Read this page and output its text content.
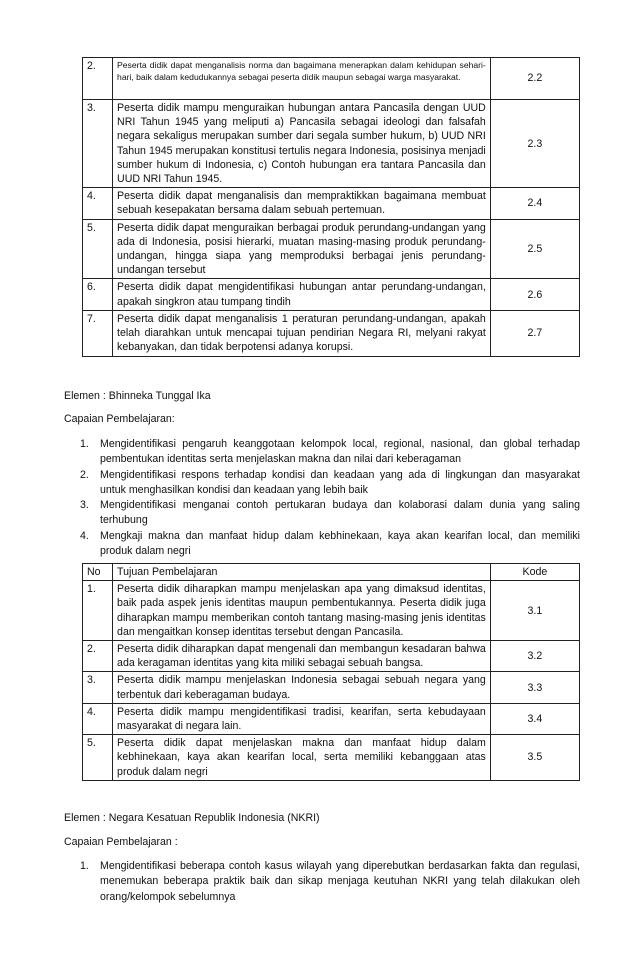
2.	Peserta didik dapat menganalisis norma dan bagaimana menerapkan dalam kehidupan sehari-hari, baik dalam kedudukannya sebagai peserta didik maupun sebagai warga masyarakat.	2.2
3.	Peserta didik mampu menguraikan hubungan antara Pancasila dengan UUD NRI Tahun 1945 yang meliputi a) Pancasila sebagai ideologi dan falsafah negara sekaligus merupakan sumber dari segala sumber hukum, b) UUD NRI Tahun 1945 merupakan konstitusi tertulis negara Indonesia, posisinya menjadi sumber hukum di Indonesia, c) Contoh hubungan era tantara Pancasila dan UUD NRI Tahun 1945.	2.3
4.	Peserta didik dapat menganalisis dan mempraktikkan bagaimana membuat sebuah kesepakatan bersama dalam sebuah pertemuan.	2.4
5.	Peserta didik dapat menguraikan berbagai produk perundang-undangan yang ada di Indonesia, posisi hierarki, muatan masing-masing produk perundang-undangan, hingga siapa yang memproduksi berbagai jenis perundang-undangan tersebut	2.5
6.	Peserta didik dapat mengidentifikasi hubungan antar perundang-undangan, apakah singkron atau tumpang tindih	2.6
7.	Peserta didik dapat menganalisis 1 peraturan perundang-undangan, apakah telah diarahkan untuk mencapai tujuan pendirian Negara RI, melyani rakyat kebanyakan, dan tidak berpotensi adanya korupsi.	2.7
Elemen : Bhinneka Tunggal Ika
Capaian Pembelajaran:
1. Mengidentifikasi pengaruh keanggotaan kelompok local, regional, nasional, dan global terhadap pembentukan identitas serta menjelaskan makna dan nilai dari keberagaman
2. Mengidentifikasi respons terhadap kondisi dan keadaan yang ada di lingkungan dan masyarakat untuk menghasilkan kondisi dan keadaan yang lebih baik
3. Mengidentifikasi menganai contoh pertukaran budaya dan kolaborasi dalam dunia yang saling terhubung
4. Mengkaji makna dan manfaat hidup dalam kebhinekaan, kaya akan kearifan local, dan memiliki produk dalam negri
No	Tujuan Pembelajaran	Kode
1.	Peserta didik diharapkan mampu menjelaskan apa yang dimaksud identitas, baik pada aspek jenis identitas maupun pembentukannya. Peserta didik juga diharapkan mampu memberikan contoh tantang masing-masing jenis identitas dan mengaitkan konsep identitas tersebut dengan Pancasila.	3.1
2.	Peserta didik diharapkan dapat mengenali dan membangun kesadaran bahwa ada keragaman identitas yang kita miliki sebagai sebuah bangsa.	3.2
3.	Peserta didik mampu menjelaskan Indonesia sebagai sebuah negara yang terbentuk dari keberagaman budaya.	3.3
4.	Peserta didik mampu mengidentifikasi tradisi, kearifan, serta kebudayaan masyarakat di negara lain.	3.4
5.	Peserta didik dapat menjelaskan makna dan manfaat hidup dalam kebhinekaan, kaya akan kearifan local, serta memiliki kebanggaan atas produk dalam negri	3.5
Elemen : Negara Kesatuan Republik Indonesia (NKRI)
Capaian Pembelajaran :
1. Mengidentifikasi beberapa contoh kasus wilayah yang diperebutkan berdasarkan fakta dan regulasi, menemukan beberapa praktik baik dan sikap menjaga keutuhan NKRI yang telah dilakukan oleh orang/kelompok sebelumnya
